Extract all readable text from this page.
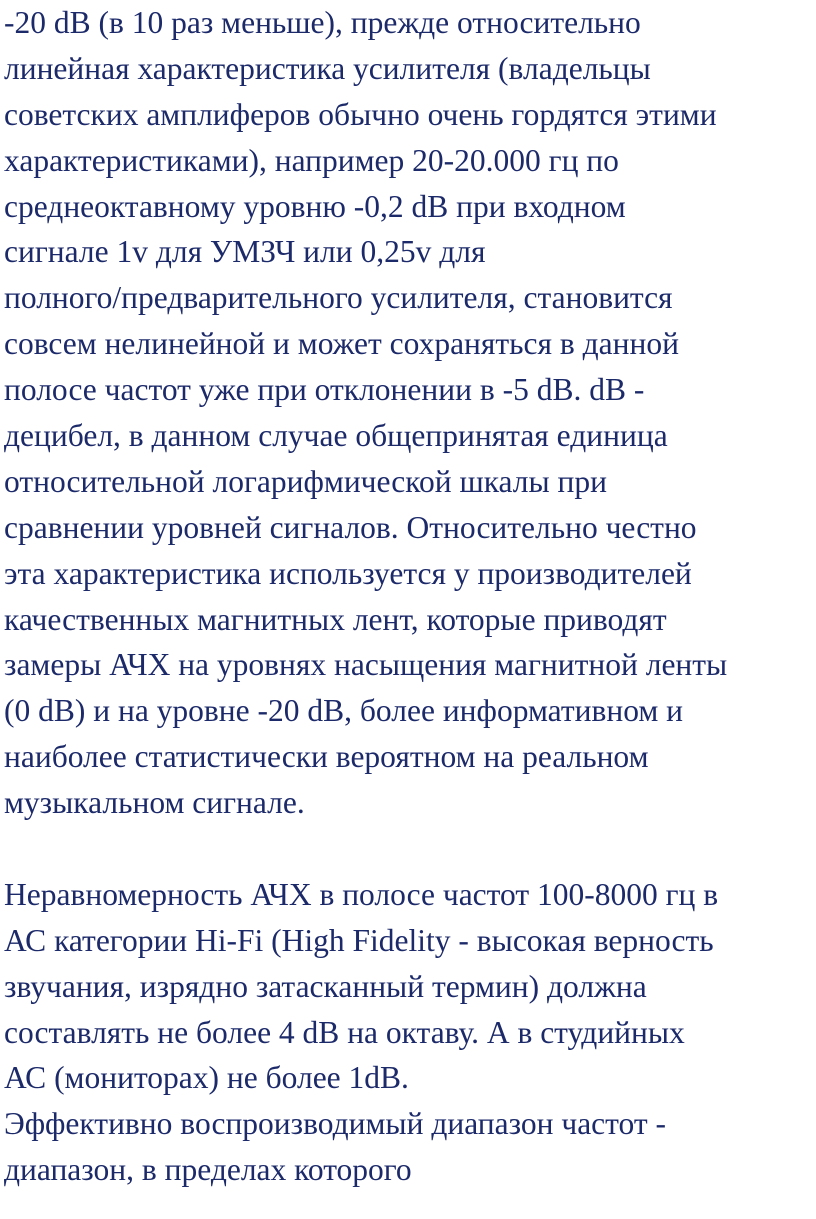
-20 dB (в 10 раз меньше), прежде относительно
линейная характеристика усилителя (владельцы
советских амплиферов обычно очень гордятся этими
характеристиками), например 20-20.000 гц по
среднеоктавному уровню -0,2 dB при входном
сигнале 1v для УМЗЧ или 0,25v для
полного/предварительного усилителя, становится
совсем нелинейной и может сохраняться в данной
полосе частот уже при отклонении в -5 dB. dB -
децибел, в данном случае общепринятая единица
относительной логарифмической шкалы при
сравнении уровней сигналов. Относительно честно
эта характеристика используется у производителей
качественных магнитных лент, которые приводят
замеры АЧХ на уровнях насыщения магнитной ленты
(0 dB) и на уровне -20 dB, более информативном и
наиболее статистически вероятном на реальном
музыкальном сигнале.
Неравномерность АЧХ в полосе частот 100-8000 гц в
АС категории Hi-Fi (High Fidelity - высокая верность
звучания, изрядно затасканный термин) должна
составлять не более 4 dB на октаву. А в студийных
АС (мониторах) не более 1dB.
Эффективно воспроизводимый диапазон частот -
диапазон, в пределах которого
